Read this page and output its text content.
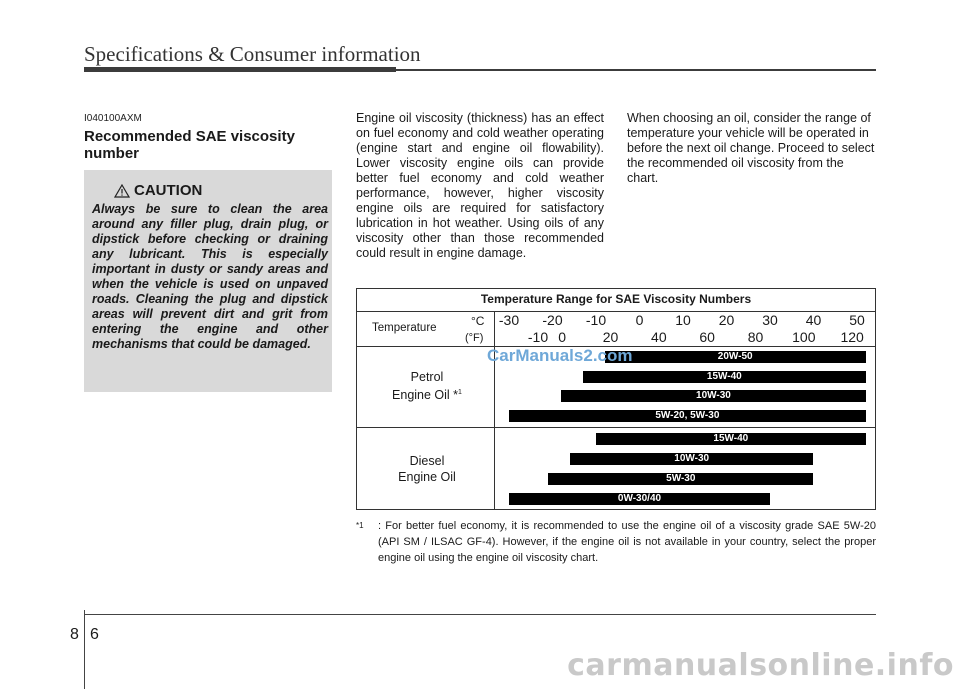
Specifications & Consumer information
I040100AXM
Recommended SAE viscosity number
CAUTION
Always be sure to clean the area around any filler plug, drain plug, or dipstick before checking or draining any lubricant. This is especially important in dusty or sandy areas and when the vehicle is used on unpaved roads. Cleaning the plug and dipstick areas will prevent dirt and grit from entering the engine and other mechanisms that could be damaged.
Engine oil viscosity (thickness) has an effect on fuel economy and cold weather operating (engine start and engine oil flowability). Lower viscosity engine oils can provide better fuel economy and cold weather performance, however, higher viscosity engine oils are required for satisfactory lubrication in hot weather. Using oils of any viscosity other than those recommended could result in engine damage.
When choosing an oil, consider the range of temperature your vehicle will be operated in before the next oil change. Proceed to select the recommended oil viscosity from the chart.
Temperature Range for SAE Viscosity Numbers
Temperature	°C
(°F)
Petrol
Engine Oil *$^1$
Diesel
Engine Oil
-30 -20 -10 0 10 20 30 40 50
-10 0	20 40 60 80 100 120
20W-50
15W-40
10W-30
5W-20, 5W-30
15W-40
10W-30
5W-30
0W-30/40
CarManuals2.com
*1 : For better fuel economy, it is recommended to use the engine oil of a viscosity grade SAE 5W-20 (API SM / ILSAC GF-4). However, if the engine oil is not available in your country, select the proper engine oil using the engine oil viscosity chart.
8 6
carmanualsonline.info
